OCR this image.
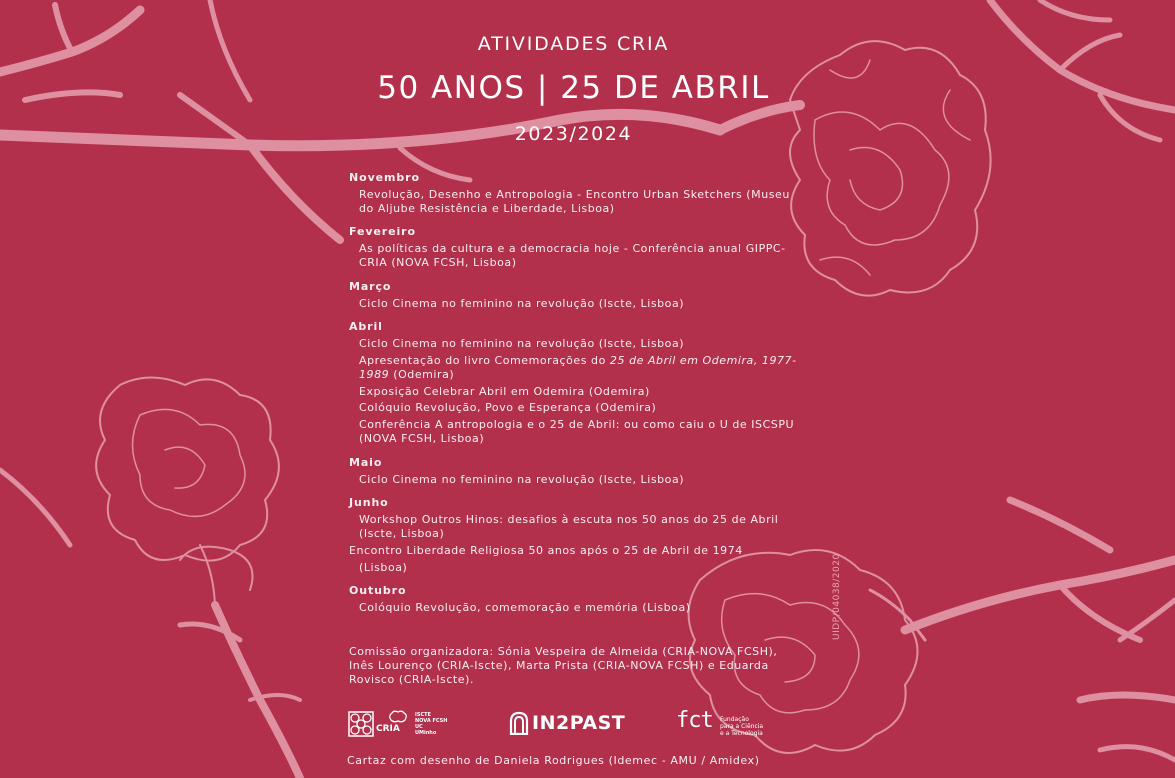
ATIVIDADES CRIA
50 ANOS | 25 DE ABRIL
2023/2024
Novembro
Revolução, Desenho e Antropologia - Encontro Urban Sketchers (Museu do Aljube Resistência e Liberdade, Lisboa)
Fevereiro
As políticas da cultura e a democracia hoje - Conferência anual GIPPC-CRIA (NOVA FCSH, Lisboa)
Março
Ciclo Cinema no feminino na revolução (Iscte, Lisboa)
Abril
Ciclo Cinema no feminino na revolução (Iscte, Lisboa)
Apresentação do livro Comemorações do 25 de Abril em Odemira, 1977-1989 (Odemira)
Exposição Celebrar Abril em Odemira (Odemira)
Colóquio Revolução, Povo e Esperança (Odemira)
Conferência A antropologia e o 25 de Abril: ou como caiu o U de ISCSPU (NOVA FCSH, Lisboa)
Maio
Ciclo Cinema no feminino na revolução (Iscte, Lisboa)
Junho
Workshop Outros Hinos: desafios à escuta nos 50 anos do 25 de Abril (Iscte, Lisboa)
Encontro Liberdade Religiosa 50 anos após o 25 de Abril de 1974
(Lisboa)
Outubro
Colóquio Revolução, comemoração e memória (Lisboa)
Comissão organizadora: Sónia Vespeira de Almeida (CRIA-NOVA FCSH), Inês Lourenço (CRIA-Iscte), Marta Prista (CRIA-NOVA FCSH) e Eduarda Rovisco (CRIA-Iscte).
CRIA
ISCTE
NOVA FCSH
UC
UMinho	IN2PAST fct Fundação
para a Ciência
e a Tecnologia
Cartaz com desenho de Daniela Rodrigues (Idemec - AMU / Amidex)
UIDP/04038/2020
